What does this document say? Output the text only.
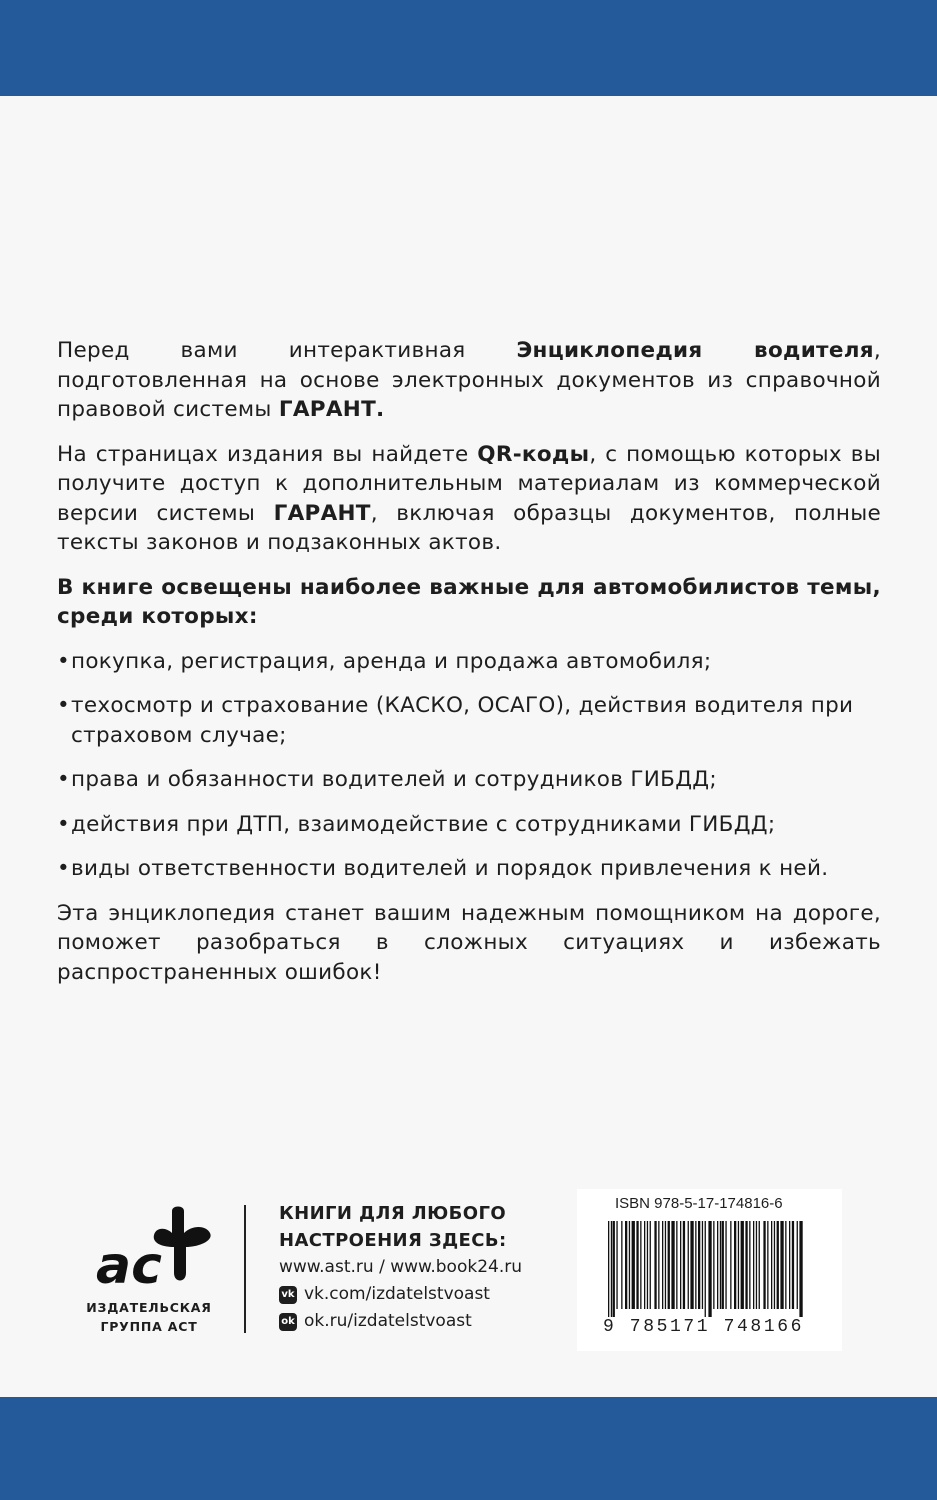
Перед вами интерактивная Энциклопедия водителя, подготовленная на основе электронных документов из справочной правовой системы ГАРАНТ.

На страницах издания вы найдете QR-коды, с помощью которых вы получите доступ к дополнительным материалам из коммерческой версии системы ГАРАНТ, включая образцы документов, полные тексты законов и подзаконных актов.

В книге освещены наиболее важные для автомобилистов темы, среди которых:

• покупка, регистрация, аренда и продажа автомобиля;

• техосмотр и страхование (КАСКО, ОСАГО), действия водителя при страховом случае;

• права и обязанности водителей и сотрудников ГИБДД;

• действия при ДТП, взаимодействие с сотрудниками ГИБДД;

• виды ответственности водителей и порядок привлечения к ней.

Эта энциклопедия станет вашим надежным помощником на дороге, поможет разобраться в сложных ситуациях и избежать распространенных ошибок!

ac
ИЗДАТЕЛЬСКАЯ
ГРУППА АСТ
КНИГИ ДЛЯ ЛЮБОГО
НАСТРОЕНИЯ ЗДЕСЬ:
www.ast.ru / www.book24.ru
vk vk.com/izdatelstvoast
ok ok.ru/izdatelstvoast
ISBN 978-5-17-174816-6
9 785171 748166
